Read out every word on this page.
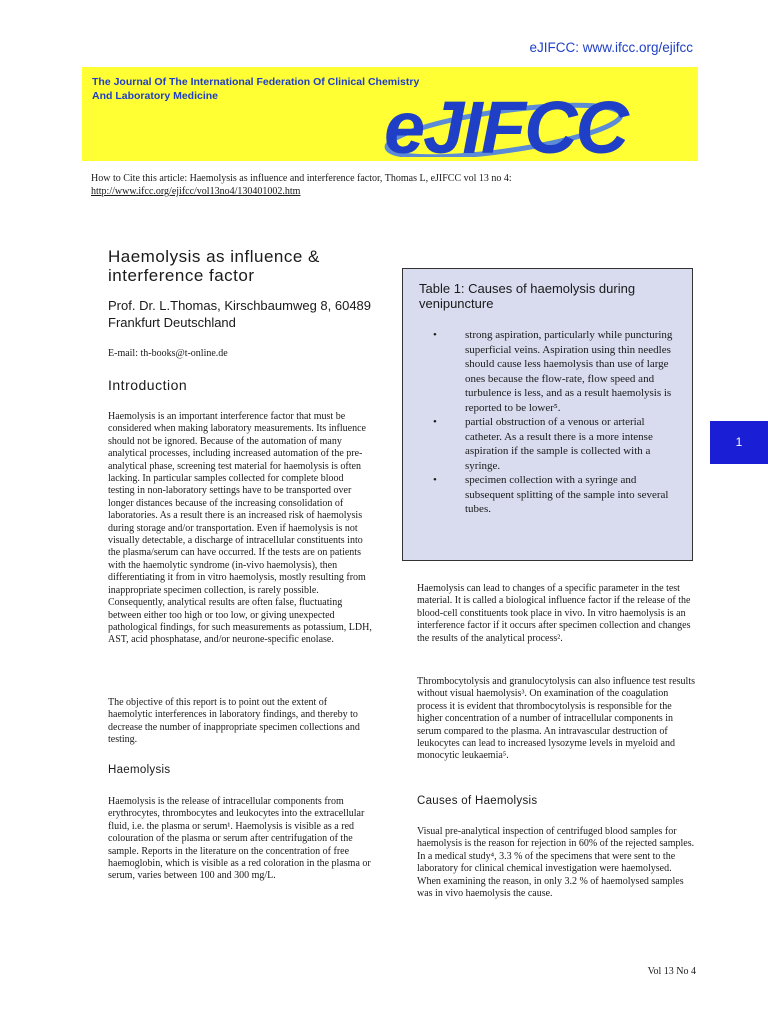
eJIFCC: www.ifcc.org/ejifcc
The Journal Of The International Federation Of Clinical Chemistry
And Laboratory Medicine eJIFCC
How to Cite this article: Haemolysis as influence and interference factor, Thomas L, eJIFCC vol 13 no 4: http://www.ifcc.org/ejifcc/vol13no4/130401002.htm
Haemolysis as influence & interference factor
Prof. Dr. L.Thomas, Kirschbaumweg 8, 60489 Frankfurt Deutschland
E-mail: th-books@t-online.de
Introduction
Haemolysis is an important interference factor that must be considered when making laboratory measurements. Its influence should not be ignored. Because of the automation of many analytical processes, including increased automation of the pre-analytical phase, screening test material for haemolysis is often lacking. In particular samples collected for complete blood testing in non-laboratory settings have to be transported over longer distances because of the increasing consolidation of laboratories. As a result there is an increased risk of haemolysis during storage and/or transportation. Even if haemolysis is not visually detectable, a discharge of intracellular constituents into the plasma/serum can have occurred. If the tests are on patients with the haemolytic syndrome (in-vivo haemolysis), then differentiating it from in vitro haemolysis, mostly resulting from inappropriate specimen collection, is rarely possible. Consequently, analytical results are often false, fluctuating between either too high or too low, or giving unexpected pathological findings, for such measurements as potassium, LDH, AST, acid phosphatase, and/or neurone-specific enolase.
The objective of this report is to point out the extent of haemolytic interferences in laboratory findings, and thereby to decrease the number of inappropriate specimen collections and testing.
Haemolysis
Haemolysis is the release of intracellular components from erythrocytes, thrombocytes and leukocytes into the extracellular fluid, i.e. the plasma or serum¹. Haemolysis is visible as a red colouration of the plasma or serum after centrifugation of the sample. Reports in the literature on the concentration of free haemoglobin, which is visible as a red coloration in the plasma or serum, varies between 100 and 300 mg/L.
Table 1: Causes of haemolysis during venipuncture
•	strong aspiration, particularly while puncturing superficial veins. Aspiration using thin needles should cause less haemolysis than use of large ones because the flow-rate, flow speed and turbulence is less, and as a result haemolysis is reported to be lower⁵.
•	partial obstruction of a venous or arterial catheter. As a result there is a more intense aspiration if the sample is collected with a syringe.
•	specimen collection with a syringe and subsequent splitting of the sample into several tubes.
1
Haemolysis can lead to changes of a specific parameter in the test material. It is called a biological influence factor if the release of the blood-cell constituents took place in vivo. In vitro haemolysis is an interference factor if it occurs after specimen collection and changes the results of the analytical process².
Thrombocytolysis and granulocytolysis can also influence test results without visual haemolysis³. On examination of the coagulation process it is evident that thrombocytolysis is responsible for the higher concentration of a number of intracellular components in serum compared to the plasma. An intravascular destruction of leukocytes can lead to increased lysozyme levels in myeloid and monocytic leukaemia⁵.
Causes of Haemolysis
Visual pre-analytical inspection of centrifuged blood samples for haemolysis is the reason for rejection in 60% of the rejected samples. In a medical study⁴, 3.3 % of the specimens that were sent to the laboratory for clinical chemical investigation were haemolysed. When examining the reason, in only 3.2 % of haemolysed samples was in vivo haemolysis the cause.
Vol 13 No 4
